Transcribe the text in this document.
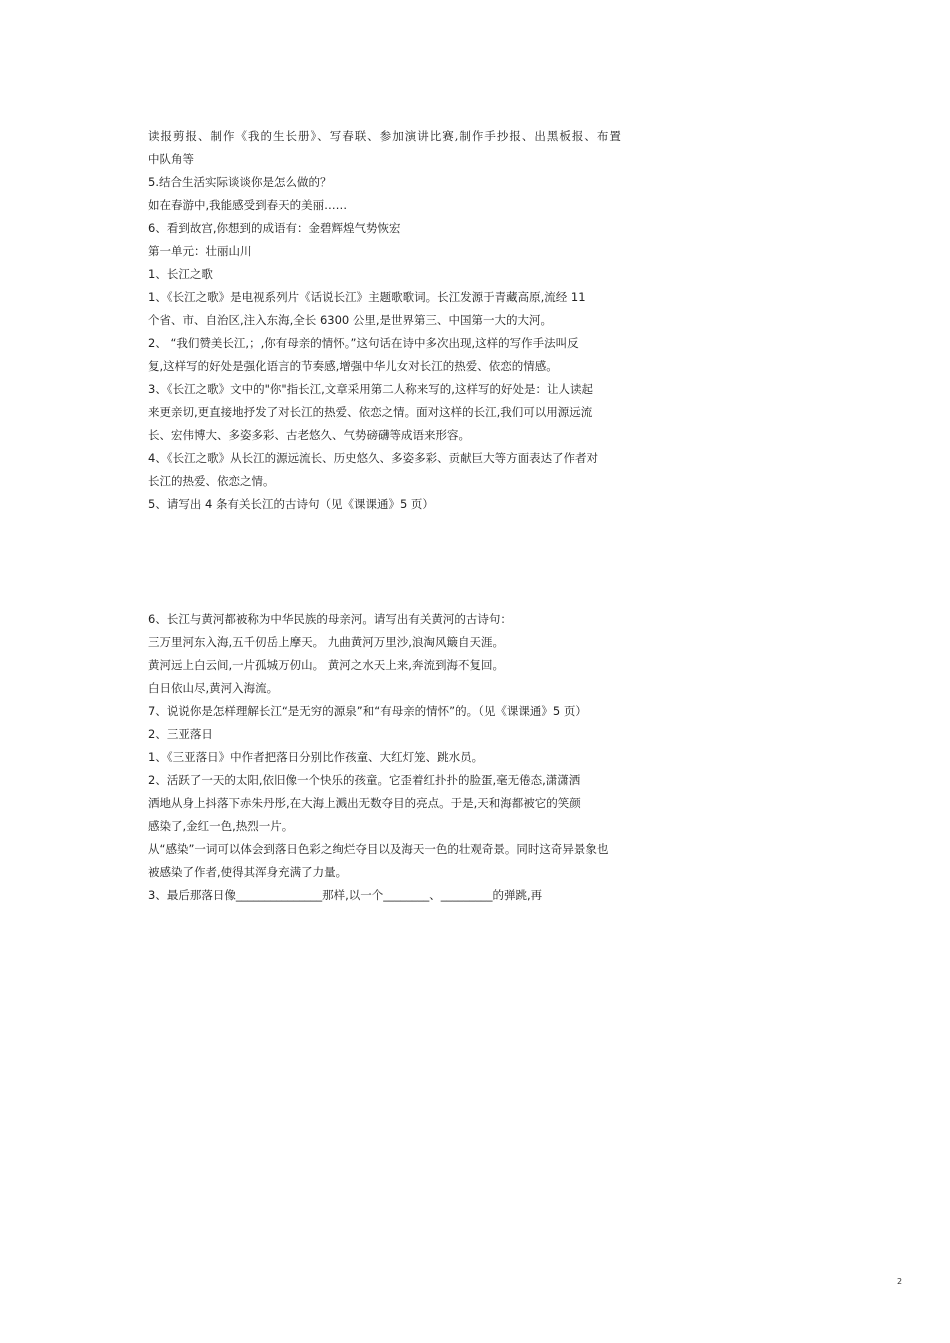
读报剪报、制作《我的生长册》、写春联、参加演讲比赛,制作手抄报、出黑板报、布置
中队角等
5.结合生活实际谈谈你是怎么做的？
如在春游中,我能感受到春天的美丽……
6、看到故宫,你想到的成语有：金碧辉煌气势恢宏
第一单元：壮丽山川
1、长江之歌
1、《长江之歌》是电视系列片《话说长江》主题歌歌词。长江发源于青藏高原,流经 11
个省、市、自治区,注入东海,全长 6300 公里,是世界第三、中国第一大的大河。
2、 “我们赞美长江,；,你有母亲的情怀。”这句话在诗中多次出现,这样的写作手法叫反
复,这样写的好处是强化语言的节奏感,增强中华儿女对长江的热爱、依恋的情感。
3、《长江之歌》文中的"你"指长江,文章采用第二人称来写的,这样写的好处是：让人读起
来更亲切,更直接地抒发了对长江的热爱、依恋之情。面对这样的长江,我们可以用源远流
长、宏伟博大、多姿多彩、古老悠久、气势磅礴等成语来形容。
4、《长江之歌》从长江的源远流长、历史悠久、多姿多彩、贡献巨大等方面表达了作者对
长江的热爱、依恋之情。
5、请写出 4 条有关长江的古诗句（见《课课通》5 页）
6、长江与黄河都被称为中华民族的母亲河。请写出有关黄河的古诗句：
三万里河东入海,五千仞岳上摩天。 九曲黄河万里沙,浪淘风簸自天涯。
黄河远上白云间,一片孤城万仞山。 黄河之水天上来,奔流到海不复回。
白日依山尽,黄河入海流。
7、说说你是怎样理解长江“是无穷的源泉”和“有母亲的情怀”的。（见《课课通》5 页）
2、三亚落日
1、《三亚落日》中作者把落日分别比作孩童、大红灯笼、跳水员。
2、活跃了一天的太阳,依旧像一个快乐的孩童。它歪着红扑扑的脸蛋,毫无倦态,潇潇洒
洒地从身上抖落下赤朱丹彤,在大海上溅出无数夺目的亮点。于是,天和海都被它的笑颜
感染了,金红一色,热烈一片。
从“感染”一词可以体会到落日色彩之绚烂夺目以及海天一色的壮观奇景。同时这奇异景象也
被感染了作者,使得其浑身充满了力量。
3、最后那落日像_______________那样,以一个________、_________的弹跳,再
2
